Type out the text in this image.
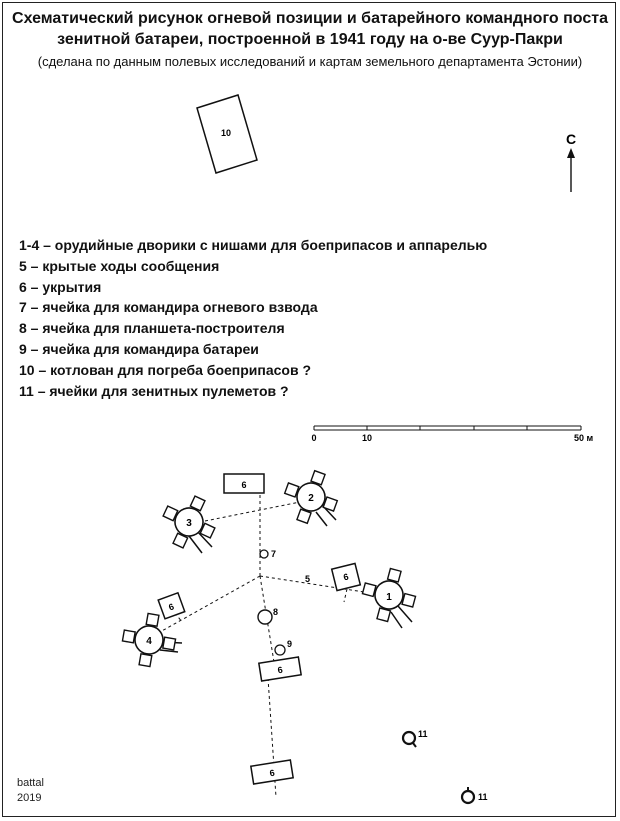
Схематический рисунок огневой позиции и батарейного командного поста
зенитной батареи, построенной в 1941 году на о-ве Суур-Пакри
(сделана по данным полевых исследований и картам земельного департамента Эстонии)
1-4 – орудийные дворики с нишами для боеприпасов и аппарелью
5 – крытые ходы сообщения
6 – укрытия
7 – ячейка для командира огневого взвода
8 – ячейка для планшета-построителя
9 – ячейка для командира батареи
10 – котлован для погреба боеприпасов ?
11 – ячейки для зенитных пулеметов ?
battal
2019
10	С
0	10	50 м
5
6
6
6
6
6
1
2
3
4
7
8
9
11
11
